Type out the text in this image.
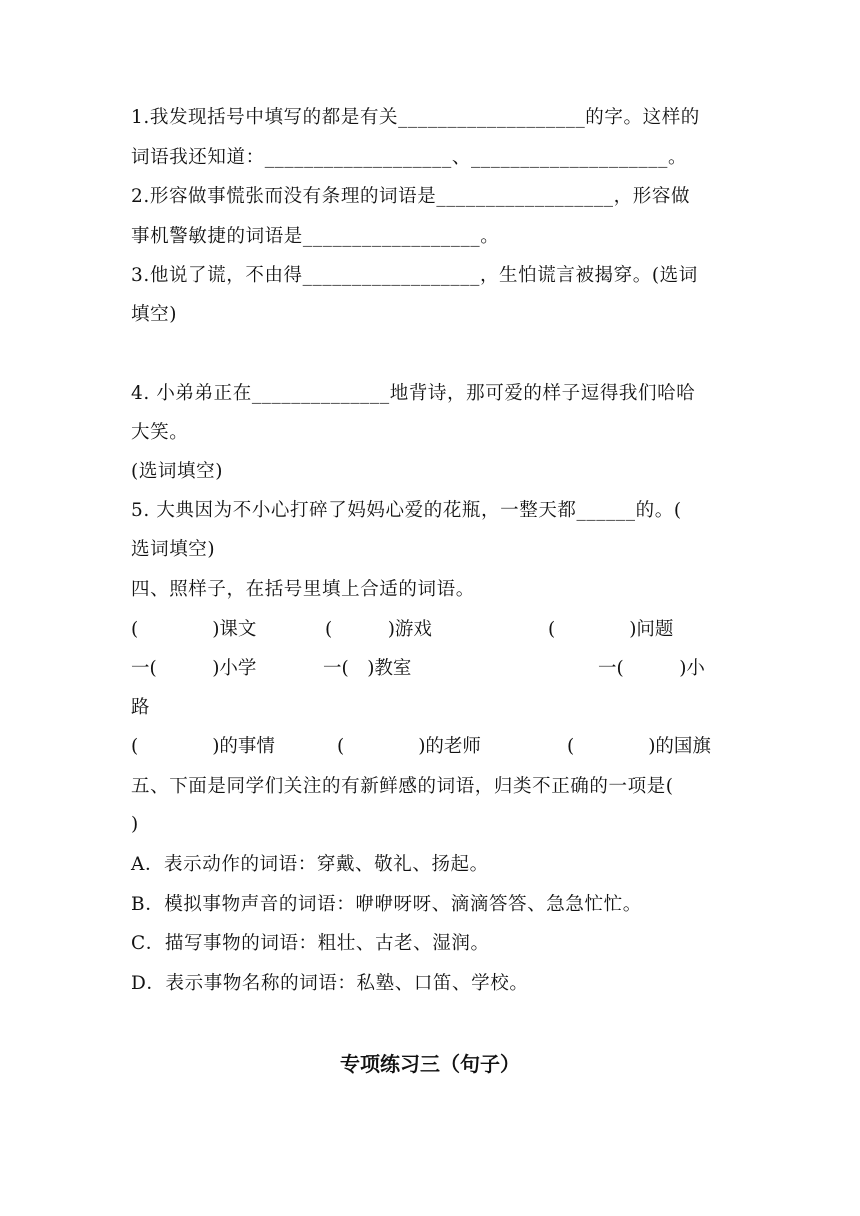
1.我发现括号中填写的都是有关___________________的字。这样的
词语我还知道：___________________、____________________。
2.形容做事慌张而没有条理的词语是__________________，形容做
事机警敏捷的词语是__________________。
3.他说了谎，不由得__________________，生怕谎言被揭穿。(选词
填空)
4. 小弟弟正在______________地背诗，那可爱的样子逗得我们哈哈
大笑。
(选词填空)
5. 大典因为不小心打碎了妈妈心爱的花瓶，一整天都______的。(
选词填空)
四、照样子，在括号里填上合适的词语。
(　　　　)课文	(　　　)游戏	(　　　　)问题
一(　　　)小学	一(　)教室	一(　　　)小
路
(　　　　)的事情	(　　　　)的老师	(　　　　)的国旗
五、下面是同学们关注的有新鲜感的词语，归类不正确的一项是(
)
A．表示动作的词语：穿戴、敬礼、扬起。
B．模拟事物声音的词语：咿咿呀呀、滴滴答答、急急忙忙。
C．描写事物的词语：粗壮、古老、湿润。
D．表示事物名称的词语：私塾、口笛、学校。
专项练习三（句子）
